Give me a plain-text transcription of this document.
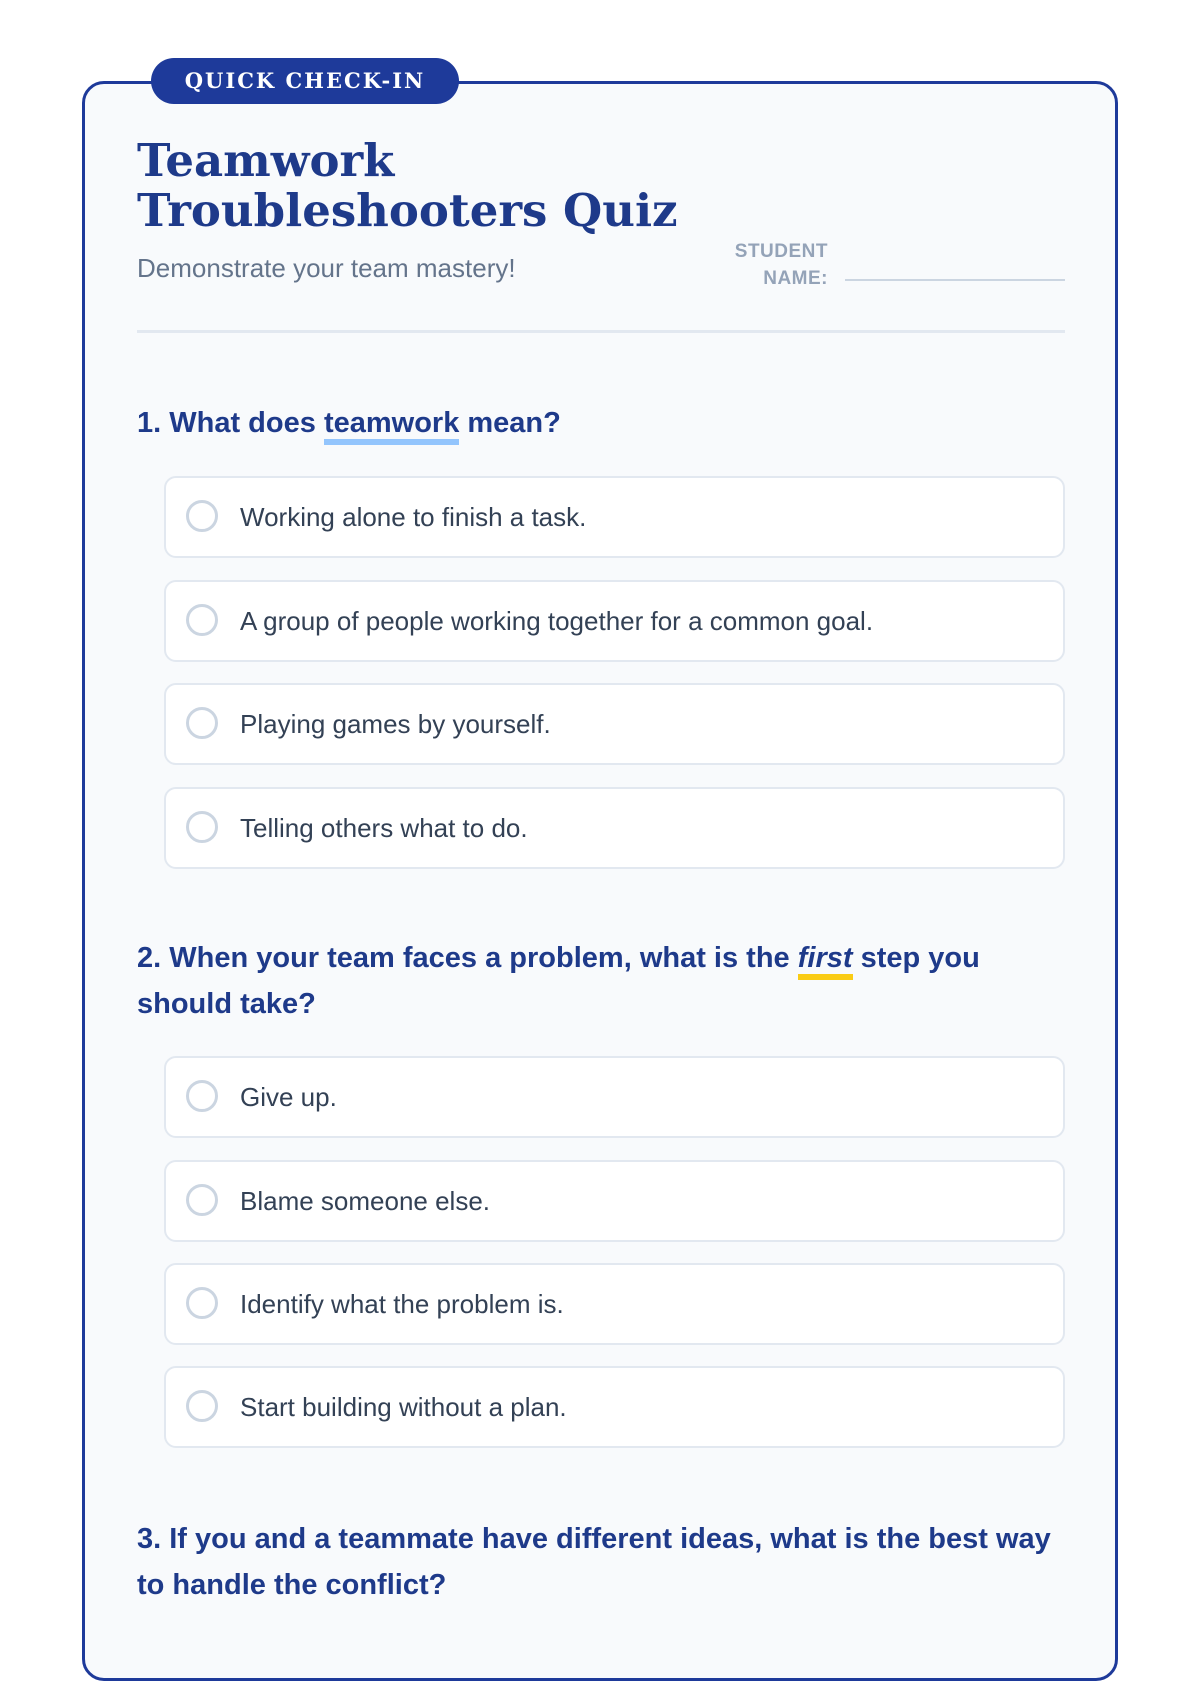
QUICK CHECK-IN
Teamwork Troubleshooters Quiz

Demonstrate your team mastery!

STUDENT
NAME:

1. What does teamwork mean?

Working alone to finish a task.
A group of people working together for a common goal.
Playing games by yourself.
Telling others what to do.

2. When your team faces a problem, what is the first step you should take?

Give up.
Blame someone else.
Identify what the problem is.
Start building without a plan.

3. If you and a teammate have different ideas, what is the best way to handle the conflict?
